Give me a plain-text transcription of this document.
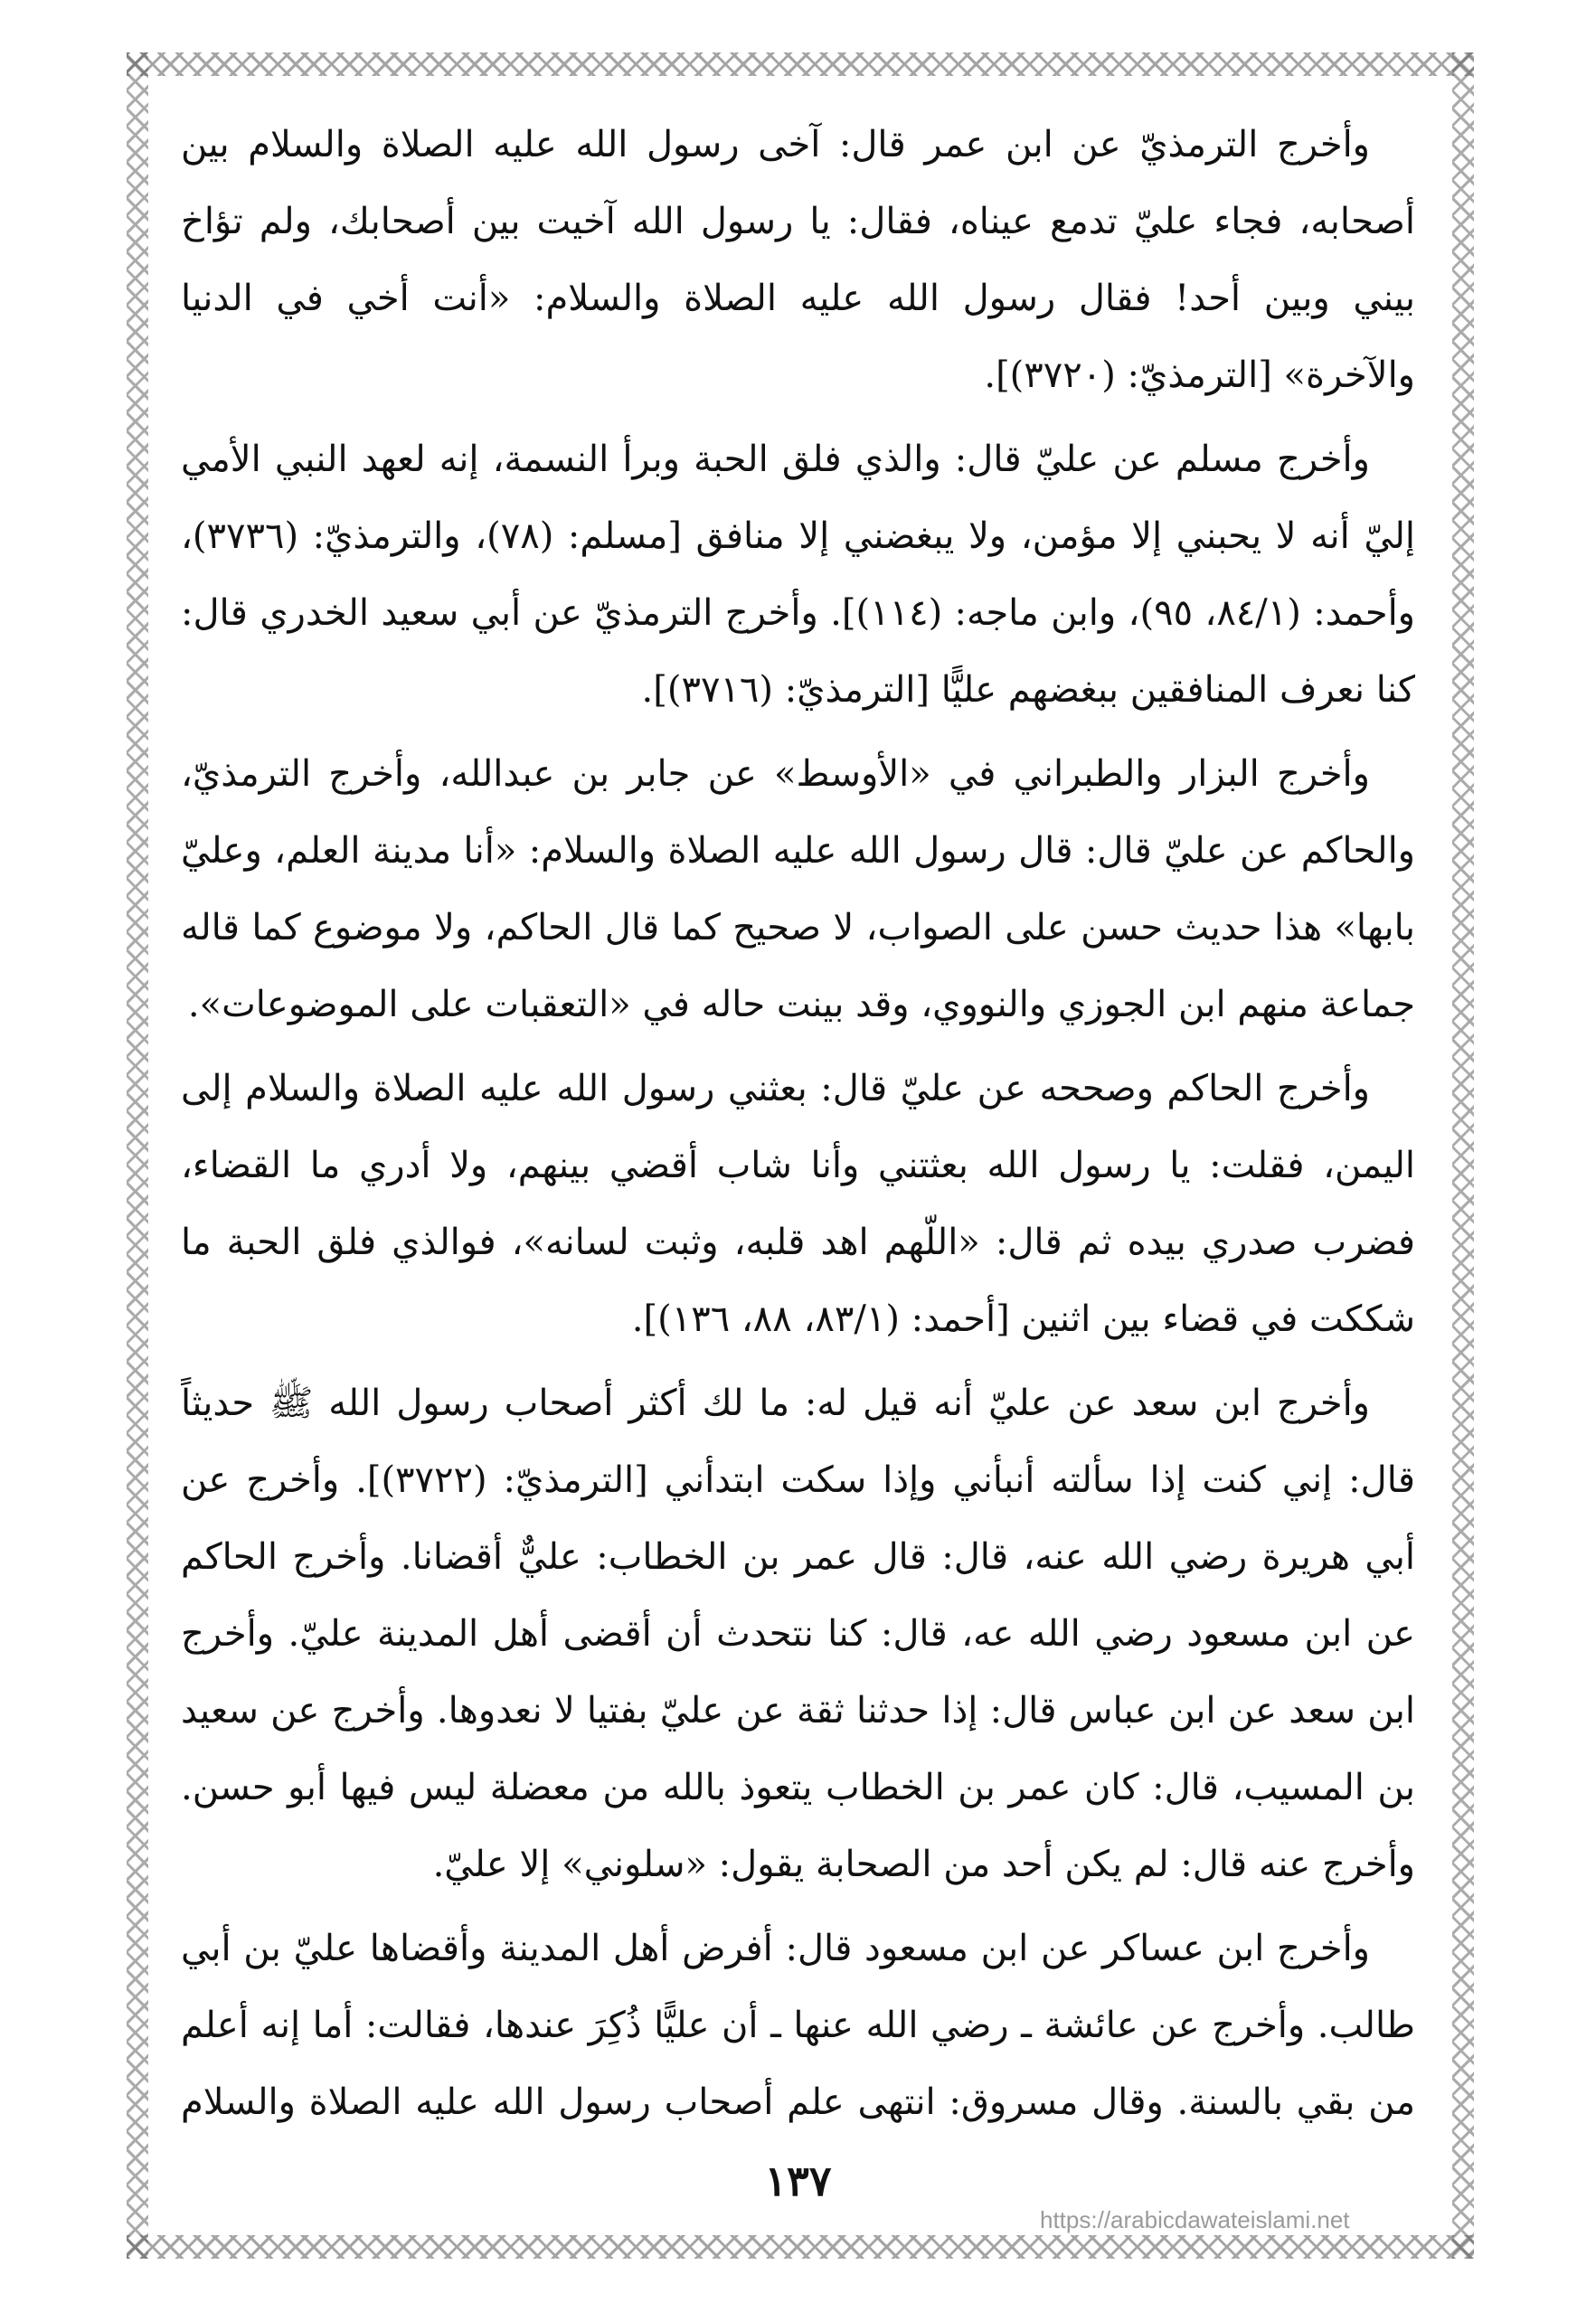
وأخرج الترمذيّ عن ابن عمر قال: آخى رسول الله عليه الصلاة والسلام بين أصحابه، فجاء عليّ تدمع عيناه، فقال: يا رسول الله آخيت بين أصحابك، ولم تؤاخ بيني وبين أحد! فقال رسول الله عليه الصلاة والسلام: «أنت أخي في الدنيا والآخرة» [الترمذيّ: (٣٧٢٠)].

وأخرج مسلم عن عليّ قال: والذي فلق الحبة وبرأ النسمة، إنه لعهد النبي الأمي إليّ أنه لا يحبني إلا مؤمن، ولا يبغضني إلا منافق [مسلم: (٧٨)، والترمذيّ: (٣٧٣٦)، وأحمد: (٨٤/١، ٩٥)، وابن ماجه: (١١٤)]. وأخرج الترمذيّ عن أبي سعيد الخدري قال: كنا نعرف المنافقين ببغضهم عليًّا [الترمذيّ: (٣٧١٦)].

وأخرج البزار والطبراني في «الأوسط» عن جابر بن عبدالله، وأخرج الترمذيّ، والحاكم عن عليّ قال: قال رسول الله عليه الصلاة والسلام: «أنا مدينة العلم، وعليّ بابها» هذا حديث حسن على الصواب، لا صحيح كما قال الحاكم، ولا موضوع كما قاله جماعة منهم ابن الجوزي والنووي، وقد بينت حاله في «التعقبات على الموضوعات».

وأخرج الحاكم وصححه عن عليّ قال: بعثني رسول الله عليه الصلاة والسلام إلى اليمن، فقلت: يا رسول الله بعثتني وأنا شاب أقضي بينهم، ولا أدري ما القضاء، فضرب صدري بيده ثم قال: «اللّهم اهد قلبه، وثبت لسانه»، فوالذي فلق الحبة ما شككت في قضاء بين اثنين [أحمد: (٨٣/١، ٨٨، ١٣٦)].

وأخرج ابن سعد عن عليّ أنه قيل له: ما لك أكثر أصحاب رسول الله ﷺ حديثاً قال: إني كنت إذا سألته أنبأني وإذا سكت ابتدأني [الترمذيّ: (٣٧٢٢)]. وأخرج عن أبي هريرة رضي الله عنه، قال: قال عمر بن الخطاب: عليٌّ أقضانا. وأخرج الحاكم عن ابن مسعود رضي الله عه، قال: كنا نتحدث أن أقضى أهل المدينة عليّ. وأخرج ابن سعد عن ابن عباس قال: إذا حدثنا ثقة عن عليّ بفتيا لا نعدوها. وأخرج عن سعيد بن المسيب، قال: كان عمر بن الخطاب يتعوذ بالله من معضلة ليس فيها أبو حسن. وأخرج عنه قال: لم يكن أحد من الصحابة يقول: «سلوني» إلا عليّ.

وأخرج ابن عساكر عن ابن مسعود قال: أفرض أهل المدينة وأقضاها عليّ بن أبي طالب. وأخرج عن عائشة ـ رضي الله عنها ـ أن عليًّا ذُكِرَ عندها، فقالت: أما إنه أعلم من بقي بالسنة. وقال مسروق: انتهى علم أصحاب رسول الله عليه الصلاة والسلام

١٣٧
https://arabicdawateislami.net
